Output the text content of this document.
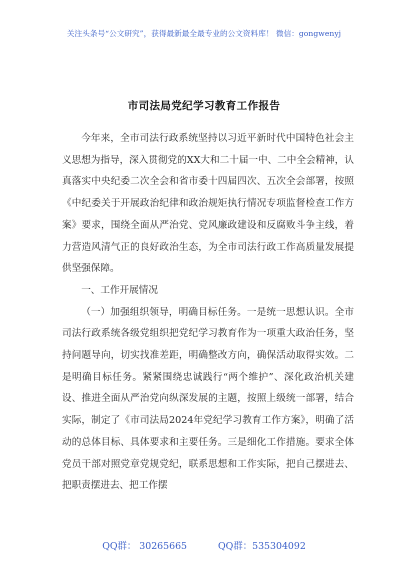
关注头条号“公文研究”，获得最新最全最专业的公文资料库！ 微信：gongwenyj
市司法局党纪学习教育工作报告

今年来，全市司法行政系统坚持以习近平新时代中国特色社会主义思想为指导，深入贯彻党的XX大和二十届一中、二中全会精神，认真落实中央纪委二次全会和省市委十四届四次、五次全会部署，按照《中纪委关于开展政治纪律和政治规矩执行情况专项监督检查工作方案》要求，围绕全面从严治党、党风廉政建设和反腐败斗争主线，着力营造风清气正的良好政治生态，为全市司法行政工作高质量发展提供坚强保障。

一、工作开展情况

（一）加强组织领导，明确目标任务。一是统一思想认识。全市司法行政系统各级党组织把党纪学习教育作为一项重大政治任务，坚持问题导向，切实找准差距，明确整改方向，确保活动取得实效。二是明确目标任务。紧紧围绕忠诚践行“两个维护”、深化政治机关建设、推进全面从严治党向纵深发展的主题，按照上级统一部署，结合实际，制定了《市司法局2024年党纪学习教育工作方案》，明确了活动的总体目标、具体要求和主要任务。三是细化工作措施。要求全体党员干部对照党章党规党纪，联系思想和工作实际，把自己摆进去、把职责摆进去、把工作摆

QQ群： 30265665	QQ群：535304092
